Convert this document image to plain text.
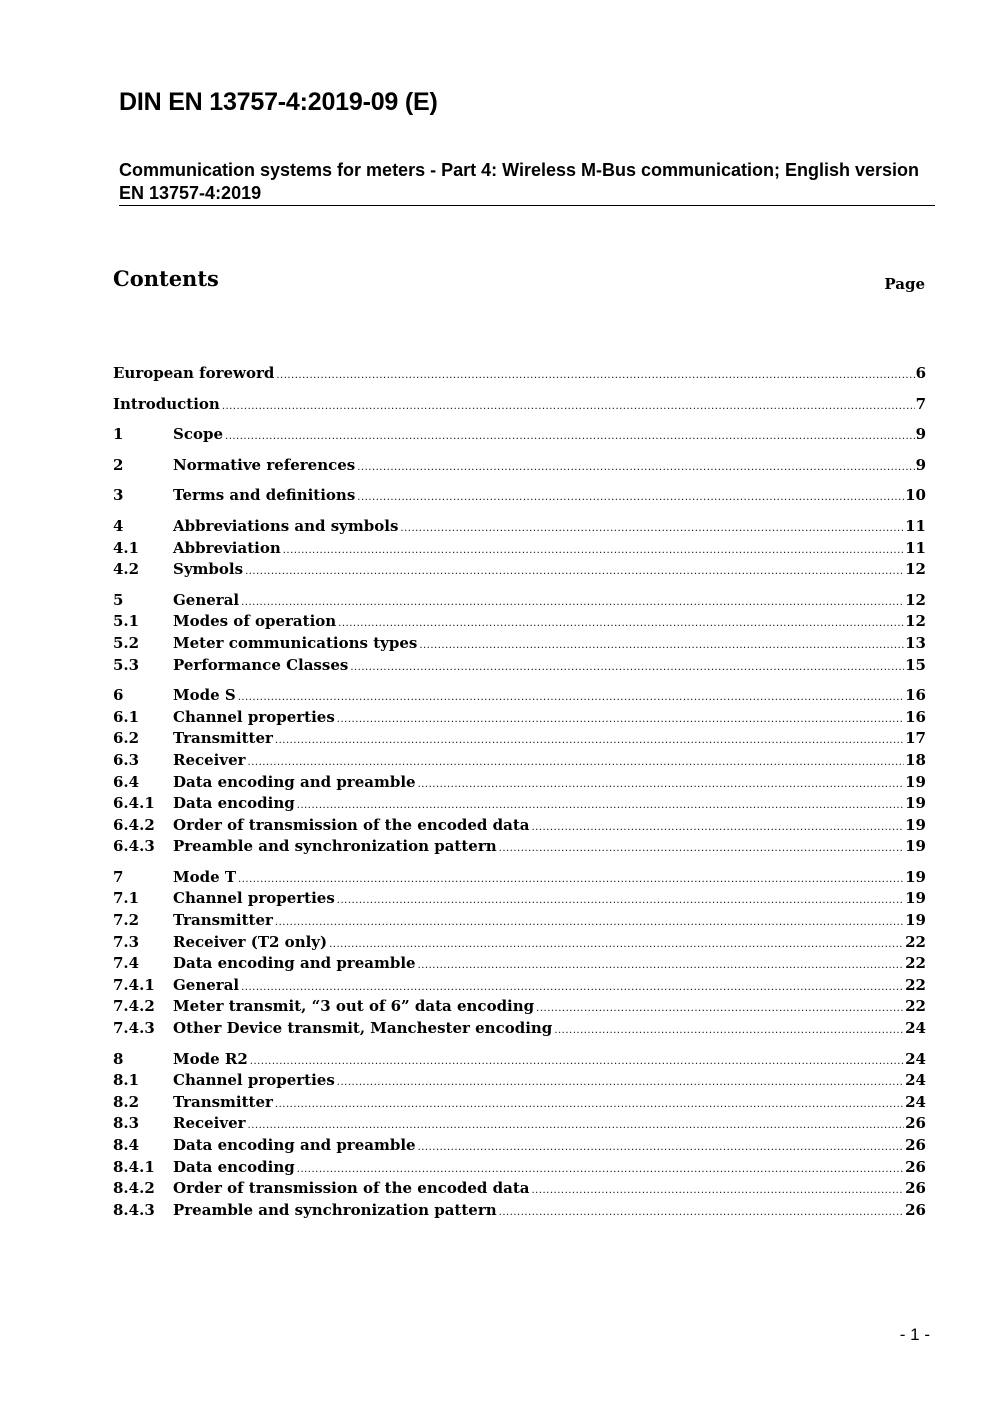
DIN EN 13757-4:2019-09 (E)
Communication systems for meters - Part 4: Wireless M-Bus communication; English version EN 13757-4:2019
Contents	Page
European foreword .....	6
Introduction .....	7
1	Scope .....	9
2	Normative references .....	9
3	Terms and definitions .....	10
4	Abbreviations and symbols .....	11
4.1	Abbreviation .....	11
4.2	Symbols .....	12
5	General .....	12
5.1	Modes of operation .....	12
5.2	Meter communications types .....	13
5.3	Performance Classes .....	15
6	Mode S .....	16
6.1	Channel properties .....	16
6.2	Transmitter .....	17
6.3	Receiver .....	18
6.4	Data encoding and preamble .....	19
6.4.1	Data encoding .....	19
6.4.2	Order of transmission of the encoded data .....	19
6.4.3	Preamble and synchronization pattern .....	19
7	Mode T .....	19
7.1	Channel properties .....	19
7.2	Transmitter .....	19
7.3	Receiver (T2 only) .....	22
7.4	Data encoding and preamble .....	22
7.4.1	General .....	22
7.4.2	Meter transmit, “3 out of 6” data encoding .....	22
7.4.3	Other Device transmit, Manchester encoding .....	24
8	Mode R2 .....	24
8.1	Channel properties .....	24
8.2	Transmitter .....	24
8.3	Receiver .....	26
8.4	Data encoding and preamble .....	26
8.4.1	Data encoding .....	26
8.4.2	Order of transmission of the encoded data .....	26
8.4.3	Preamble and synchronization pattern .....	26
- 1 -
